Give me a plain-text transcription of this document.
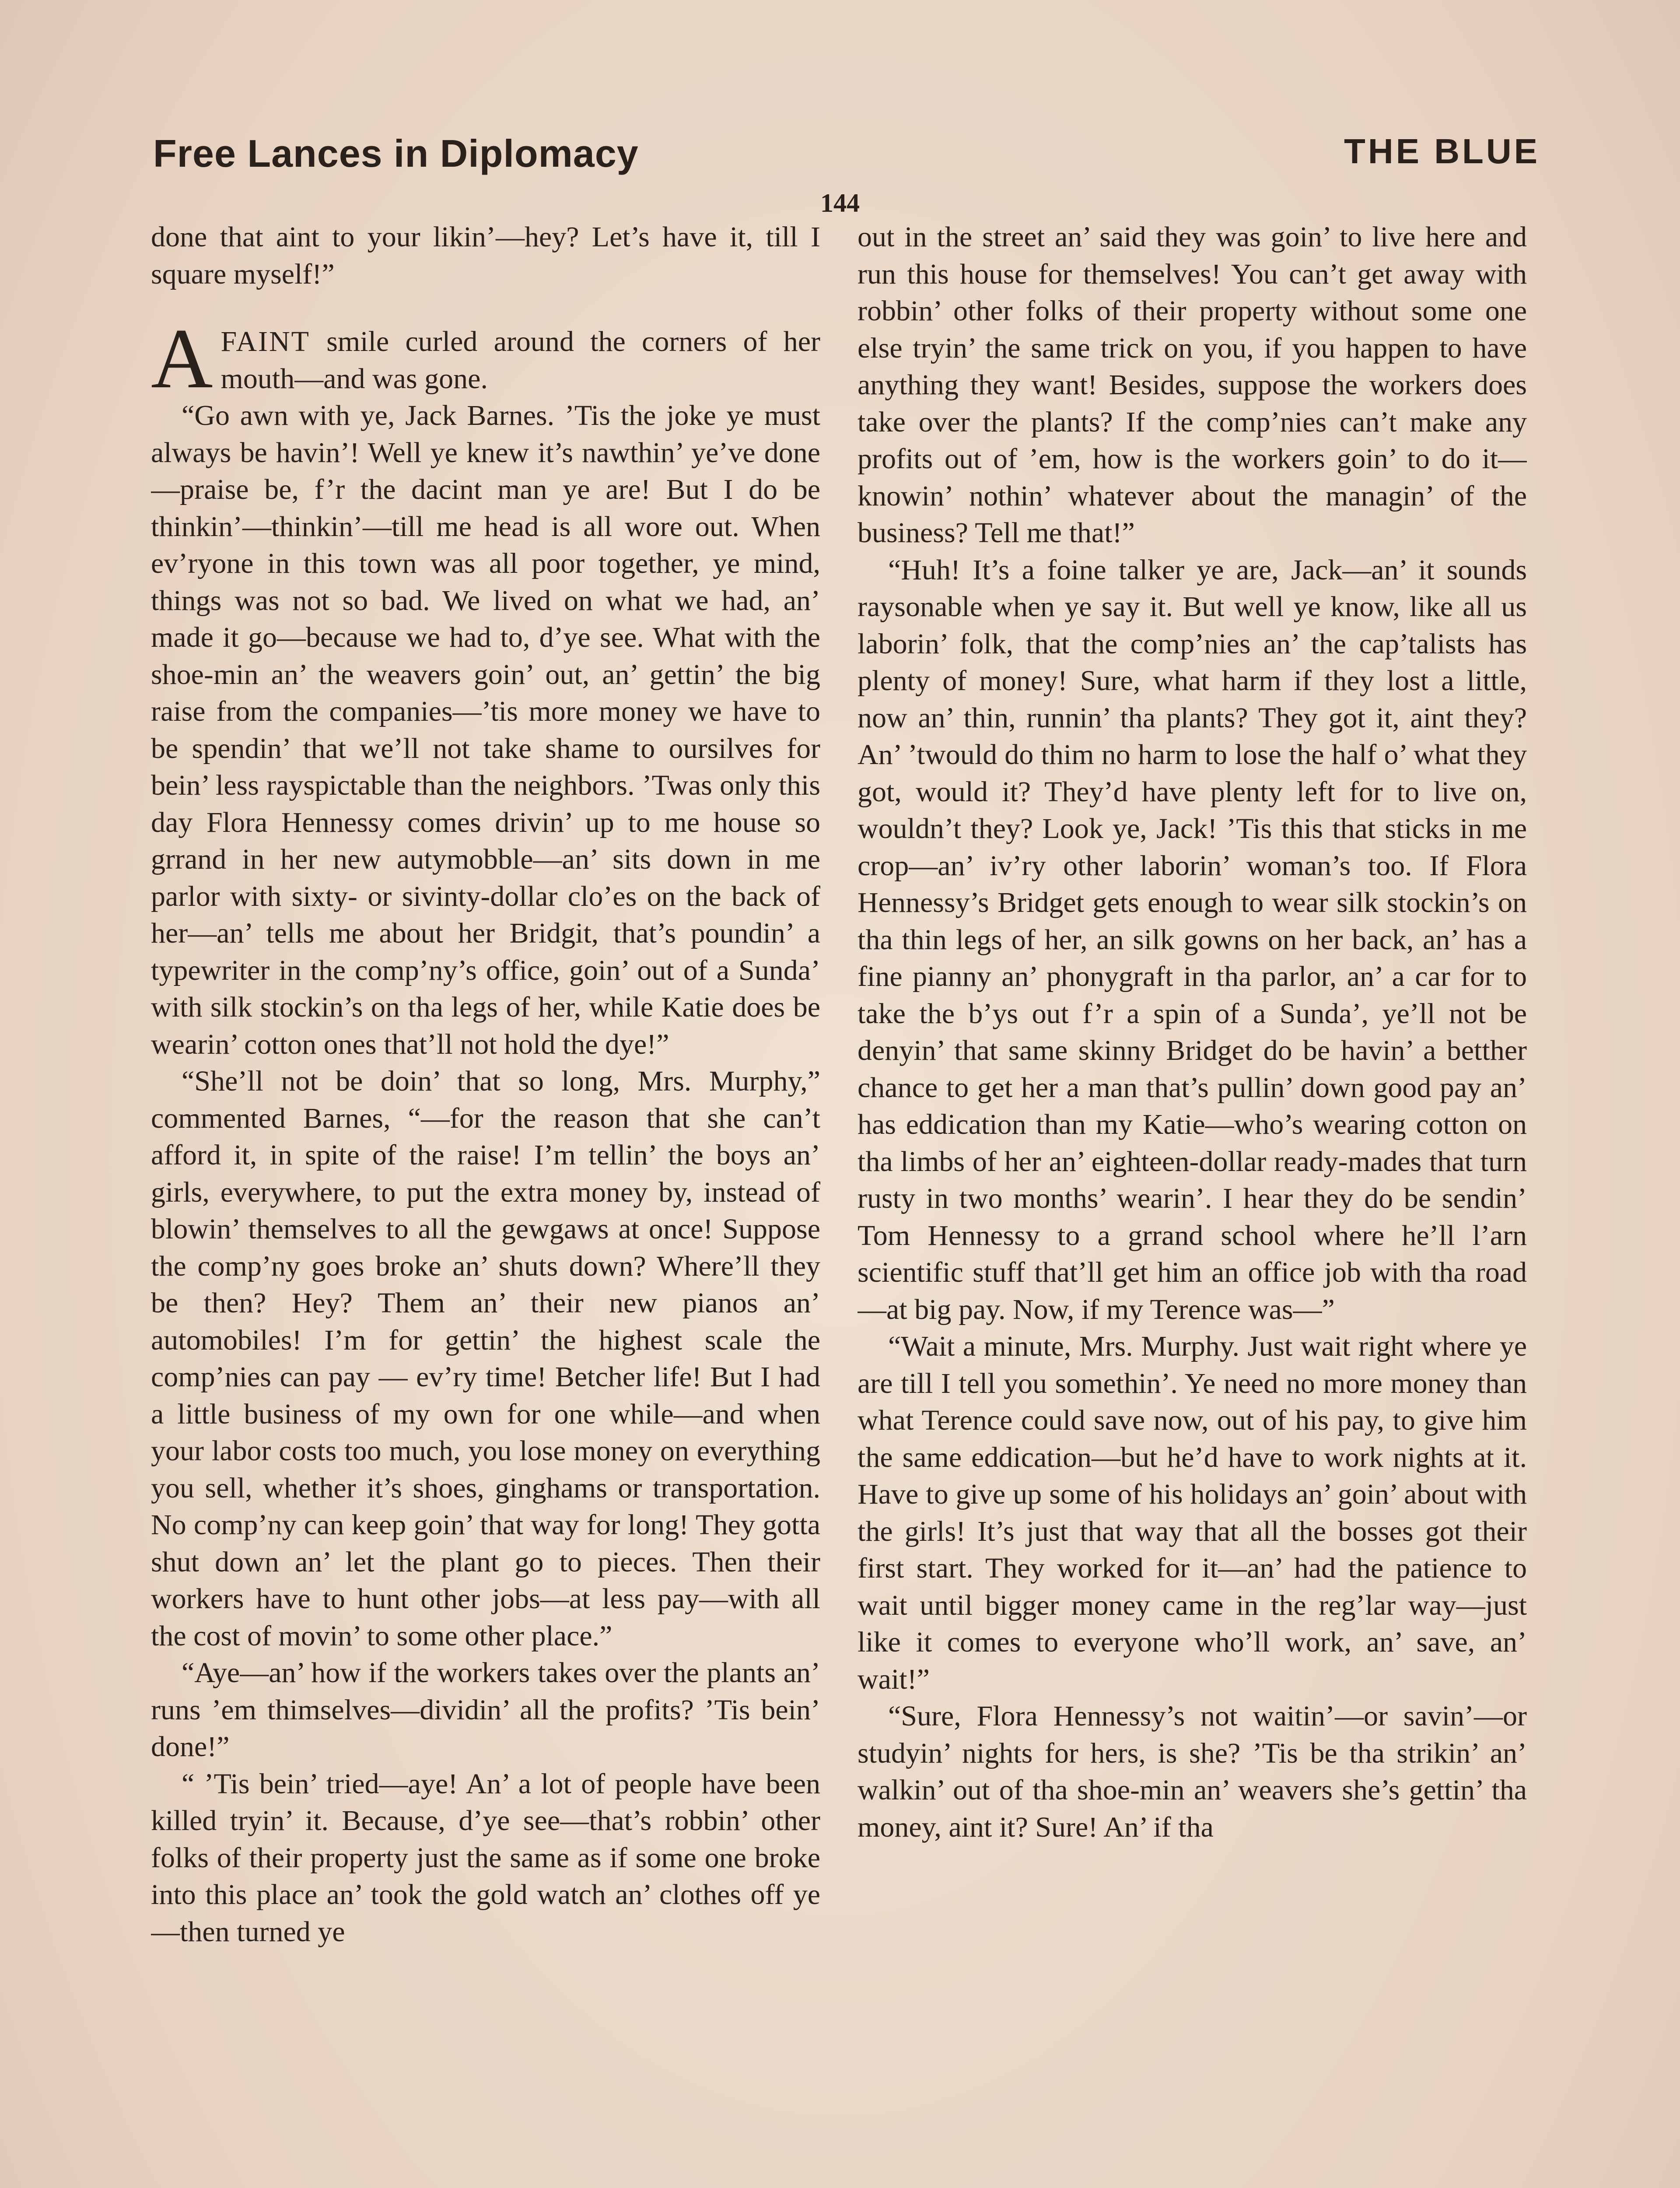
Free Lances in Diplomacy	THE BLUE
144

done that aint to your likin’—hey? Let’s have it, till I square myself!”

AFAINT smile curled around the corners of her mouth—and was gone.

“Go awn with ye, Jack Barnes. ’Tis the joke ye must always be havin’! Well ye knew it’s nawthin’ ye’ve done—praise be, f’r the dacint man ye are! But I do be thinkin’—thinkin’—till me head is all wore out. When ev’ryone in this town was all poor together, ye mind, things was not so bad. We lived on what we had, an’ made it go—because we had to, d’ye see. What with the shoe-min an’ the weavers goin’ out, an’ gettin’ the big raise from the companies—’tis more money we have to be spendin’ that we’ll not take shame to oursilves for bein’ less rayspictable than the neighbors. ’Twas only this day Flora Hennessy comes drivin’ up to me house so grrand in her new autymobble—an’ sits down in me parlor with sixty- or sivinty-dollar clo’es on the back of her—an’ tells me about her Bridgit, that’s poundin’ a typewriter in the comp’ny’s office, goin’ out of a Sunda’ with silk stockin’s on tha legs of her, while Katie does be wearin’ cotton ones that’ll not hold the dye!”

“She’ll not be doin’ that so long, Mrs. Murphy,” commented Barnes, “—for the reason that she can’t afford it, in spite of the raise! I’m tellin’ the boys an’ girls, everywhere, to put the extra money by, instead of blowin’ themselves to all the gewgaws at once! Suppose the comp’ny goes broke an’ shuts down? Where’ll they be then? Hey? Them an’ their new pianos an’ automobiles! I’m for gettin’ the highest scale the comp’nies can pay — ev’ry time! Betcher life! But I had a little business of my own for one while—and when your labor costs too much, you lose money on everything you sell, whether it’s shoes, ginghams or transportation. No comp’ny can keep goin’ that way for long! They gotta shut down an’ let the plant go to pieces. Then their workers have to hunt other jobs—at less pay—with all the cost of movin’ to some other place.”

“Aye—an’ how if the workers takes over the plants an’ runs ’em thimselves—dividin’ all the profits? ’Tis bein’ done!”

“ ’Tis bein’ tried—aye! An’ a lot of people have been killed tryin’ it. Because, d’ye see—that’s robbin’ other folks of their property just the same as if some one broke into this place an’ took the gold watch an’ clothes off ye—then turned ye

out in the street an’ said they was goin’ to live here and run this house for themselves! You can’t get away with robbin’ other folks of their property without some one else tryin’ the same trick on you, if you happen to have anything they want! Besides, suppose the workers does take over the plants? If the comp’nies can’t make any profits out of ’em, how is the workers goin’ to do it—knowin’ nothin’ whatever about the managin’ of the business? Tell me that!”

“Huh! It’s a foine talker ye are, Jack—an’ it sounds raysonable when ye say it. But well ye know, like all us laborin’ folk, that the comp’nies an’ the cap’talists has plenty of money! Sure, what harm if they lost a little, now an’ thin, runnin’ tha plants? They got it, aint they? An’ ’twould do thim no harm to lose the half o’ what they got, would it? They’d have plenty left for to live on, wouldn’t they? Look ye, Jack! ’Tis this that sticks in me crop—an’ iv’ry other laborin’ woman’s too. If Flora Hennessy’s Bridget gets enough to wear silk stockin’s on tha thin legs of her, an silk gowns on her back, an’ has a fine pianny an’ phonygraft in tha parlor, an’ a car for to take the b’ys out f’r a spin of a Sunda’, ye’ll not be denyin’ that same skinny Bridget do be havin’ a betther chance to get her a man that’s pullin’ down good pay an’ has eddication than my Katie—who’s wearing cotton on tha limbs of her an’ eighteen-dollar ready-mades that turn rusty in two months’ wearin’. I hear they do be sendin’ Tom Hennessy to a grrand school where he’ll l’arn scientific stuff that’ll get him an office job with tha road—at big pay. Now, if my Terence was—”

“Wait a minute, Mrs. Murphy. Just wait right where ye are till I tell you somethin’. Ye need no more money than what Terence could save now, out of his pay, to give him the same eddication—but he’d have to work nights at it. Have to give up some of his holidays an’ goin’ about with the girls! It’s just that way that all the bosses got their first start. They worked for it—an’ had the patience to wait until bigger money came in the reg’lar way—just like it comes to everyone who’ll work, an’ save, an’ wait!”

“Sure, Flora Hennessy’s not waitin’—or savin’—or studyin’ nights for hers, is she? ’Tis be tha strikin’ an’ walkin’ out of tha shoe-min an’ weavers she’s gettin’ tha money, aint it? Sure! An’ if tha
